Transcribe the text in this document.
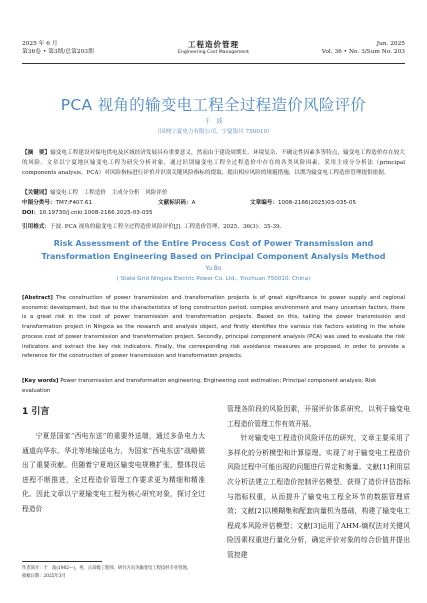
2025 年 6 月
第36卷 • 第3期/总第203期
工程造价管理
Engineering Cost Management
Jun. 2025
Vol. 36 • No. 3/Sum No. 203
PCA 视角的输变电工程全过程造价风险评价
于　波
（国网宁夏电力有限公司，宁夏银川 750010）
【摘　要】输变电工程建设对保电供电及区域经济发展具有重要意义，然而由于建设周期长、环境复杂、不确定性因素多等特点，输变电工程造价存在较大的风险。文章以宁夏地区输变电工程为研究分析对象，通过识别输变电工程全过程造价中存在的各类风险因素，采用主成分分析法（principal components analysis，PCA）对风险指标进行评价并识别关键风险指标的提取，提出相应风险的规避措施，以期为输变电工程造价管理提供依据。
【关键词】输变电工程　工程造价　主成分分析　风险评价
中图分类号：TM7;F407.61	文献标识码：A	文章编号：1008-2166(2025)03-035-05
DOI：10.19730/j.cnki.1008-2166.2025-03-035
引用格式：于波. PCA 视角的输变电工程全过程造价风险评价[J]. 工程造价管理，2025，36(3)：35-39.
Risk Assessment of the Entire Process Cost of Power Transmission and Transformation Engineering Based on Principal Component Analysis Method
Yu Bo
( State Grid Ningxia Electric Power Co. Ltd., Yinchuan 750010, China)
[Abstract] The construction of power transmission and transformation projects is of great significance to power supply and regional economic development, but due to the characteristics of long construction period, complex environment and many uncertain factors, there is a great risk in the cost of power transmission and transformation projects. Based on this, taking the power transmission and transformation project in Ningxia as the research and analysis object, and firstly identifies the various risk factors existing in the whole process cost of power transmission and transformation project. Secondly, principal component analysis (PCA) was used to evaluate the risk indicators and extract the key risk indicators. Finally, the corresponding risk avoidance measures are proposed, in order to provide a reference for the construction of power transmission and transformation projects.
[Key words] Power transmission and transformation engineering; Engineering cost estimation; Principal component analysis; Risk evaluation
1 引言
宁夏是国家“西电东送”的重要外送端，通过多条电力大通道向华东、华北等地输送电力，为国家“西电东送”战略做出了重要贡献。但随着宁夏地区输变电规模扩张，整体投运进程不断推进，全过程造价管理工作要求更为精细和精准化。因此文章以宁夏输变电工程为核心研究对象，探讨全过程造价
管理各阶段的风险因素，开展评价体系研究，以利于输变电工程造价管理工作有效开展。
针对输变电工程造价风险评估的研究，文章主要采用了多样化的分析模型和计算原理。实现了对于输变电工程造价风险过程中可能出现的问题进行界定和衡量。文献[1]利用层次分析法建立工程造价控制评估模型，获得了造价评估指标与指标权重，从而提升了输变电工程全环节的数据管理质效；文献[2]以模糊集和配套向量机为基础，构建了输变电工程成本风险评估模型；文献[3]运用了AHM-熵权法对关键风险因素权重进行量化分析，确定评价对象的综合价值并提出管控建
作者简介：于　波(1982—)，男，正高级工程师，研究方向为输变电工程技经专业管理。
收稿日期：2025年3月
